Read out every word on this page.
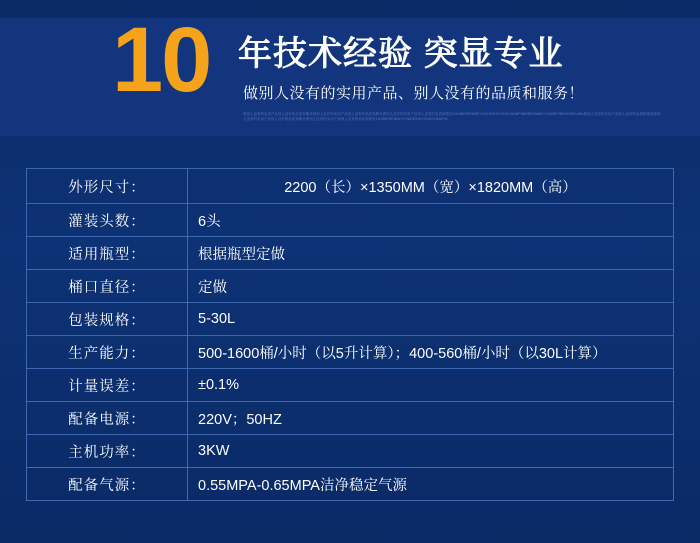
10 年技术经验 突显专业
做别人没有的实用产品、别人没有的品质和服务！
做别人没有的实用产品别人没有的品质和服务做别人没有的实用产品别人没有的品质和服务做别人没有的实用产品别人没有的品质和服务ZUOBIERENMEIYOUDESHIYONGCHANPINBIERENMEIYOUDEPINZHIHEFUWU做别人没有的实用产品别人没有的品质和服务做别人没有的实用产品别人没有的品质和服务做别人没有的实用产品别人没有的品质和服务ZUOBIERENMEIYOUDESHIYONGCHANPIN
外形尺寸：	2200（长）×1350MM（宽）×1820MM（高）
灌装头数：	6头
适用瓶型：	根据瓶型定做
桶口直径：	定做
包装规格：	5-30L
生产能力：	500-1600桶/小时（以5升计算）；400-560桶/小时（以30L计算）
计量误差：	±0.1%
配备电源：	220V；50HZ
主机功率：	3KW
配备气源：	0.55MPA-0.65MPA洁净稳定气源
